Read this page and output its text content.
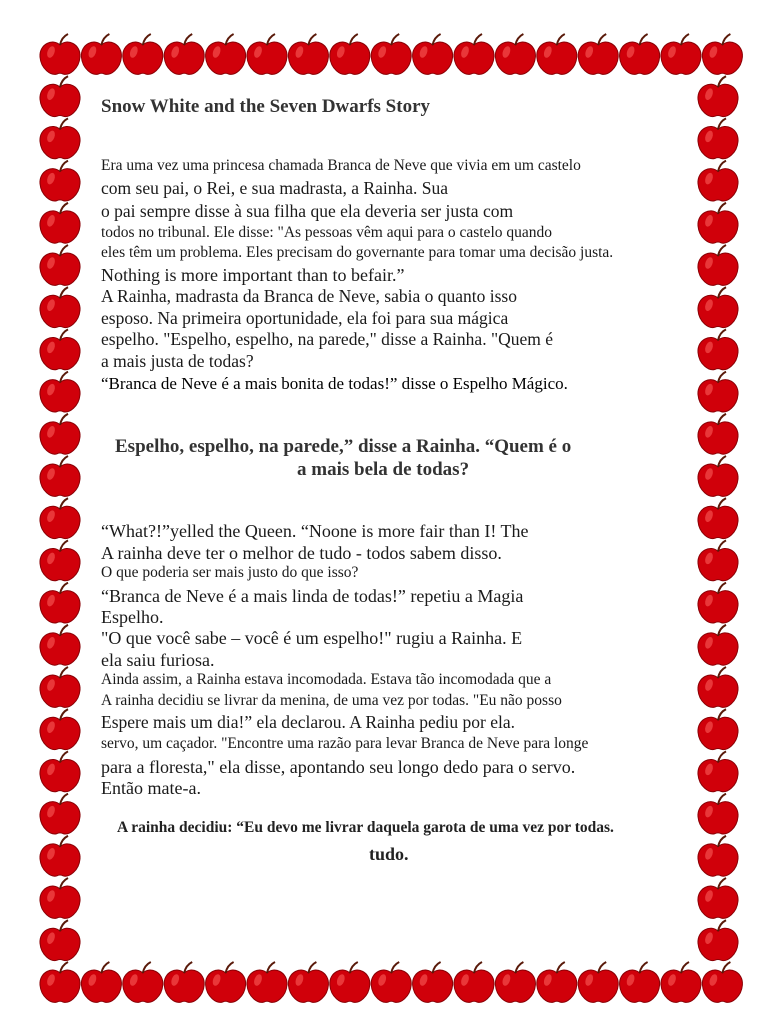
Snow White and the Seven Dwarfs Story
Era uma vez uma princesa chamada Branca de Neve que vivia em um castelo
com seu pai, o Rei, e sua madrasta, a Rainha. Sua
o pai sempre disse à sua filha que ela deveria ser justa com
todos no tribunal. Ele disse: "As pessoas vêm aqui para o castelo quando
eles têm um problema. Eles precisam do governante para tomar uma decisão justa.
Nothing is more important than to befair.”
A Rainha, madrasta da Branca de Neve, sabia o quanto isso
esposo. Na primeira oportunidade, ela foi para sua mágica
espelho. "Espelho, espelho, na parede," disse a Rainha. "Quem é
a mais justa de todas?
“Branca de Neve é a mais bonita de todas!” disse o Espelho Mágico.
Espelho, espelho, na parede,” disse a Rainha. “Quem é o
a mais bela de todas?
“What?!”yelled the Queen. “Noone is more fair than I! The
A rainha deve ter o melhor de tudo - todos sabem disso.
O que poderia ser mais justo do que isso?
“Branca de Neve é a mais linda de todas!” repetiu a Magia
Espelho.
"O que você sabe – você é um espelho!" rugiu a Rainha. E
ela saiu furiosa.
Ainda assim, a Rainha estava incomodada. Estava tão incomodada que a
A rainha decidiu se livrar da menina, de uma vez por todas. "Eu não posso
Espere mais um dia!” ela declarou. A Rainha pediu por ela.
servo, um caçador. "Encontre uma razão para levar Branca de Neve para longe
para a floresta," ela disse, apontando seu longo dedo para o servo.
Então mate-a.
A rainha decidiu: “Eu devo me livrar daquela garota de uma vez por todas.
tudo.
